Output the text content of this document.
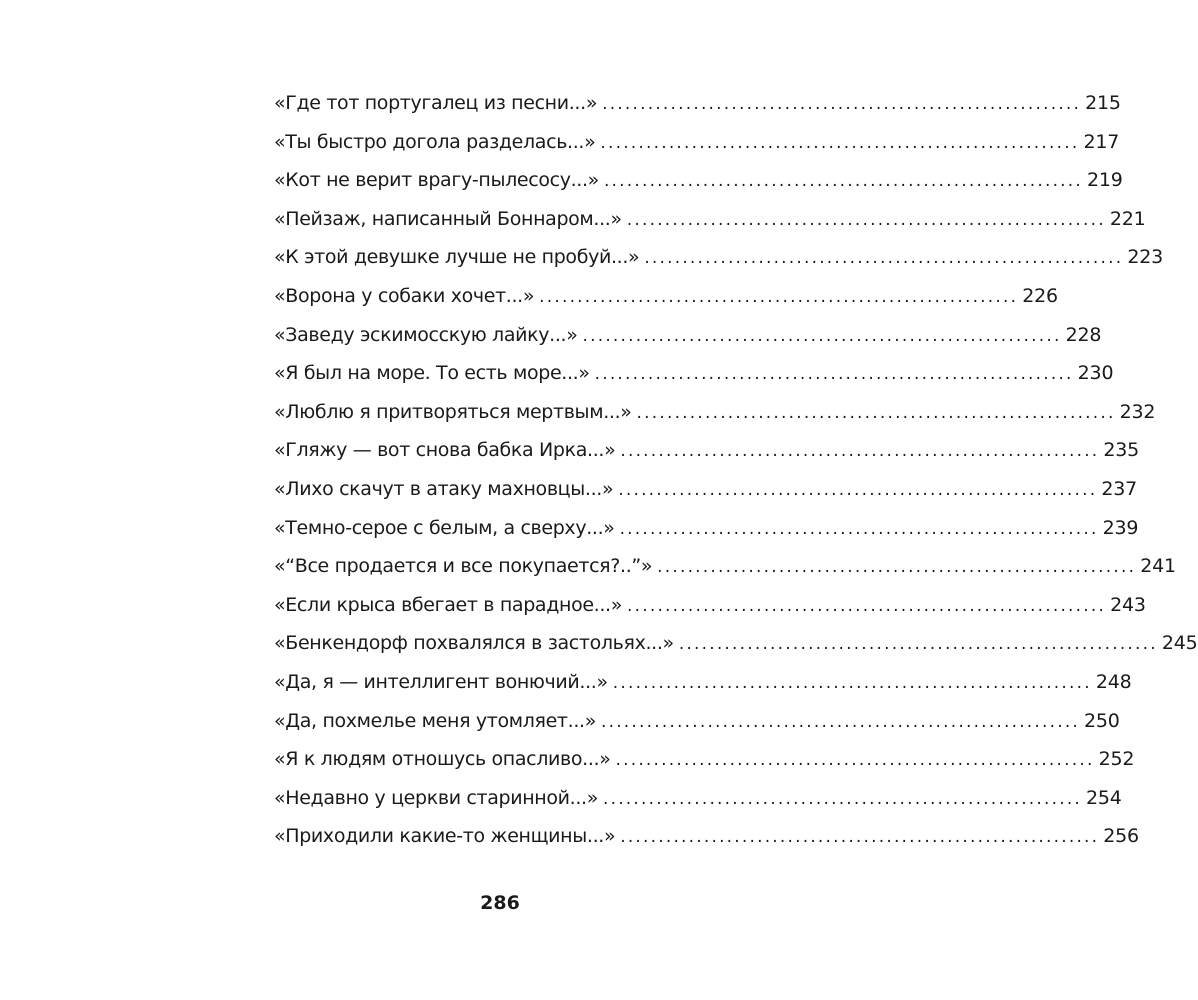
«Где тот португалец из песни...» ............................................................... 215
«Ты быстро догола разделась...» ............................................................... 217
«Кот не верит врагу-пылесосу...» ............................................................... 219
«Пейзаж, написанный Боннаром...» ............................................................... 221
«К этой девушке лучше не пробуй...» ............................................................... 223
«Ворона у собаки хочет...» ............................................................... 226
«Заведу эскимосскую лайку...» ............................................................... 228
«Я был на море. То есть море...» ............................................................... 230
«Люблю я притворяться мертвым...» ............................................................... 232
«Гляжу — вот снова бабка Ирка...» ............................................................... 235
«Лихо скачут в атаку махновцы...» ............................................................... 237
«Темно-серое с белым, а сверху...» ............................................................... 239
«“Все продается и все покупается?..”» ............................................................... 241
«Если крыса вбегает в парадное...» ............................................................... 243
«Бенкендорф похвалялся в застольях...» ............................................................... 245
«Да, я — интеллигент вонючий...» ............................................................... 248
«Да, похмелье меня утомляет...» ............................................................... 250
«Я к людям отношусь опасливо...» ............................................................... 252
«Недавно у церкви старинной...» ............................................................... 254
«Приходили какие-то женщины...» ............................................................... 256
286
